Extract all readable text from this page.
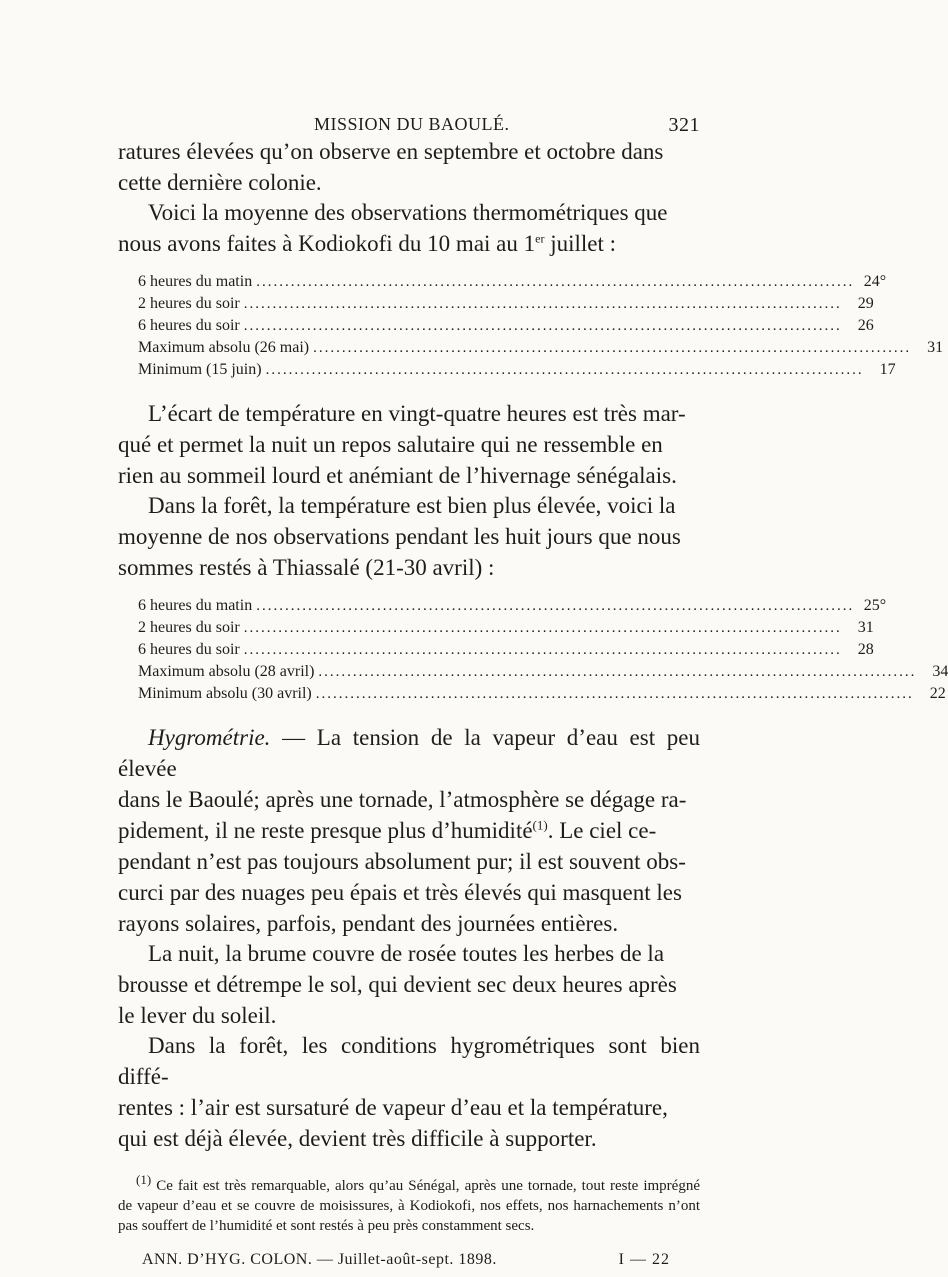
MISSION DU BAOULÉ.	321

ratures élevées qu’on observe en septembre et octobre dans
cette dernière colonie.

Voici la moyenne des observations thermométriques que
nous avons faites à Kodiokofi du 10 mai au 1er juillet :

6 heures du matin ........................................................................................................ 24°
2 heures du soir ........................................................................................................	29
6 heures du soir ........................................................................................................	26
Maximum absolu (26 mai) ........................................................................................................	31
Minimum (15 juin) ........................................................................................................	17

L’écart de température en vingt-quatre heures est très mar-
qué et permet la nuit un repos salutaire qui ne ressemble en
rien au sommeil lourd et anémiant de l’hivernage sénégalais.

Dans la forêt, la température est bien plus élevée, voici la
moyenne de nos observations pendant les huit jours que nous
sommes restés à Thiassalé (21-30 avril) :

6 heures du matin ........................................................................................................ 25°
2 heures du soir ........................................................................................................	31
6 heures du soir ........................................................................................................	28
Maximum absolu (28 avril) ........................................................................................................	34
Minimum absolu (30 avril) ........................................................................................................	22

Hygrométrie. — La tension de la vapeur d’eau est peu élevée
dans le Baoulé; après une tornade, l’atmosphère se dégage ra-
pidement, il ne reste presque plus d’humidité$^{(1)}$. Le ciel ce-
pendant n’est pas toujours absolument pur; il est souvent obs-
curci par des nuages peu épais et très élevés qui masquent les
rayons solaires, parfois, pendant des journées entières.

La nuit, la brume couvre de rosée toutes les herbes de la
brousse et détrempe le sol, qui devient sec deux heures après
le lever du soleil.

Dans la forêt, les conditions hygrométriques sont bien diffé-
rentes : l’air est sursaturé de vapeur d’eau et la température,
qui est déjà élevée, devient très difficile à supporter.

(1) Ce fait est très remarquable, alors qu’au Sénégal, après une tornade, tout reste imprégné de vapeur d’eau et se couvre de moisissures, à Kodiokofi, nos effets, nos harnachements n’ont pas souffert de l’humidité et sont restés à peu près constamment secs.
ANN. D’HYG. COLON. — Juillet-août-sept. 1898.	I — 22
